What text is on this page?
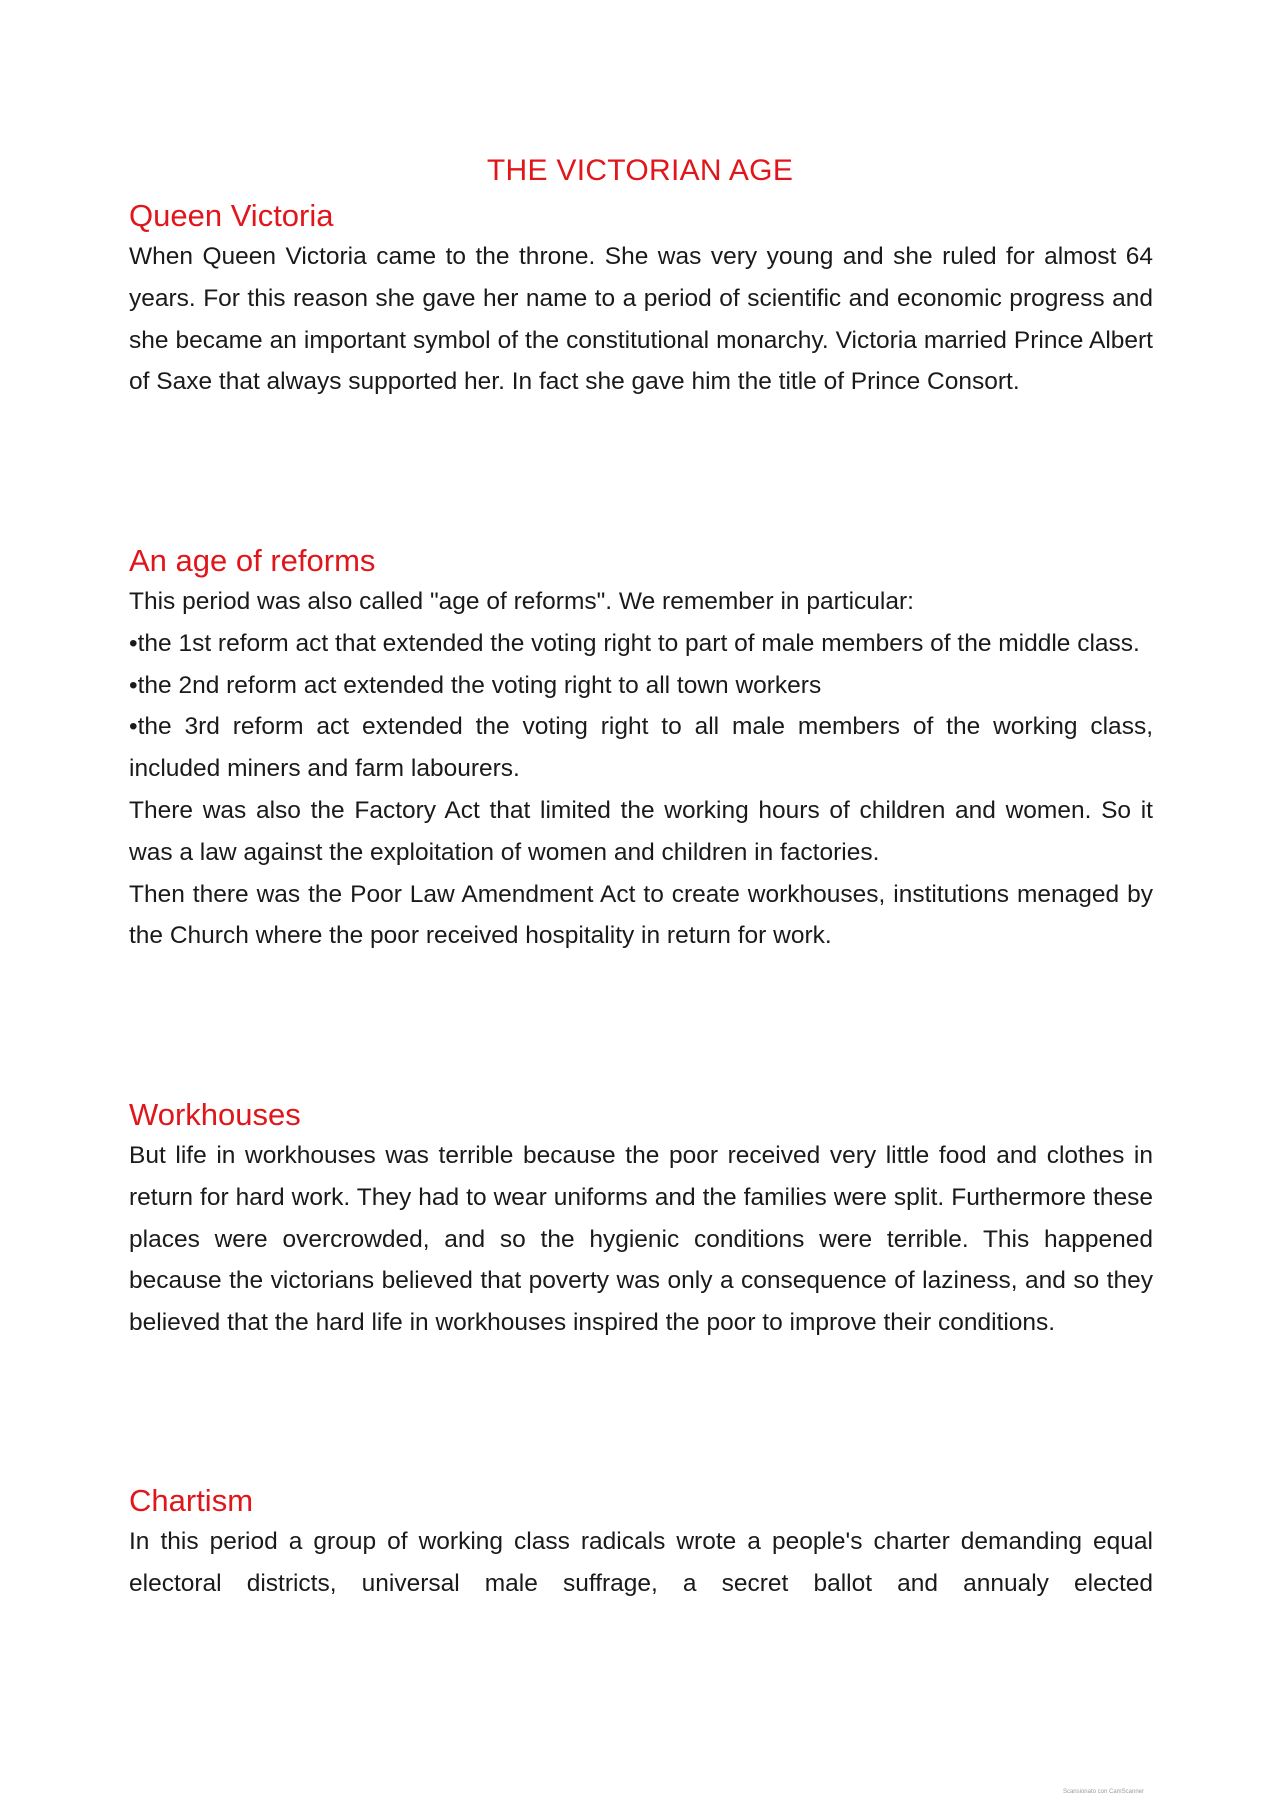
THE VICTORIAN AGE
Queen Victoria

When Queen Victoria came to the throne. She was very young and she ruled for almost 64 years. For this reason she gave her name to a period of scientific and economic progress and she became an important symbol of the constitutional monarchy. Victoria married Prince Albert of Saxe that always supported her. In fact she gave him the title of Prince Consort.

An age of reforms

This period was also called "age of reforms". We remember in particular:

•the 1st reform act that extended the voting right to part of male members of the middle class.

•the 2nd reform act extended the voting right to all town workers

•the 3rd reform act extended the voting right to all male members of the working class, included miners and farm labourers.

There was also the Factory Act that limited the working hours of children and women. So it was a law against the exploitation of women and children in factories.

Then there was the Poor Law Amendment Act to create workhouses, institutions menaged by the Church where the poor received hospitality in return for work.

Workhouses

But life in workhouses was terrible because the poor received very little food and clothes in return for hard work. They had to wear uniforms and the families were split. Furthermore these places were overcrowded, and so the hygienic conditions were terrible. This happened because the victorians believed that poverty was only a consequence of laziness, and so they believed that the hard life in workhouses inspired the poor to improve their conditions.

Chartism

In this period a group of working class radicals wrote a people's charter demanding equal electoral districts, universal male suffrage, a secret ballot and annualy elected

Scansionato con CamScanner
